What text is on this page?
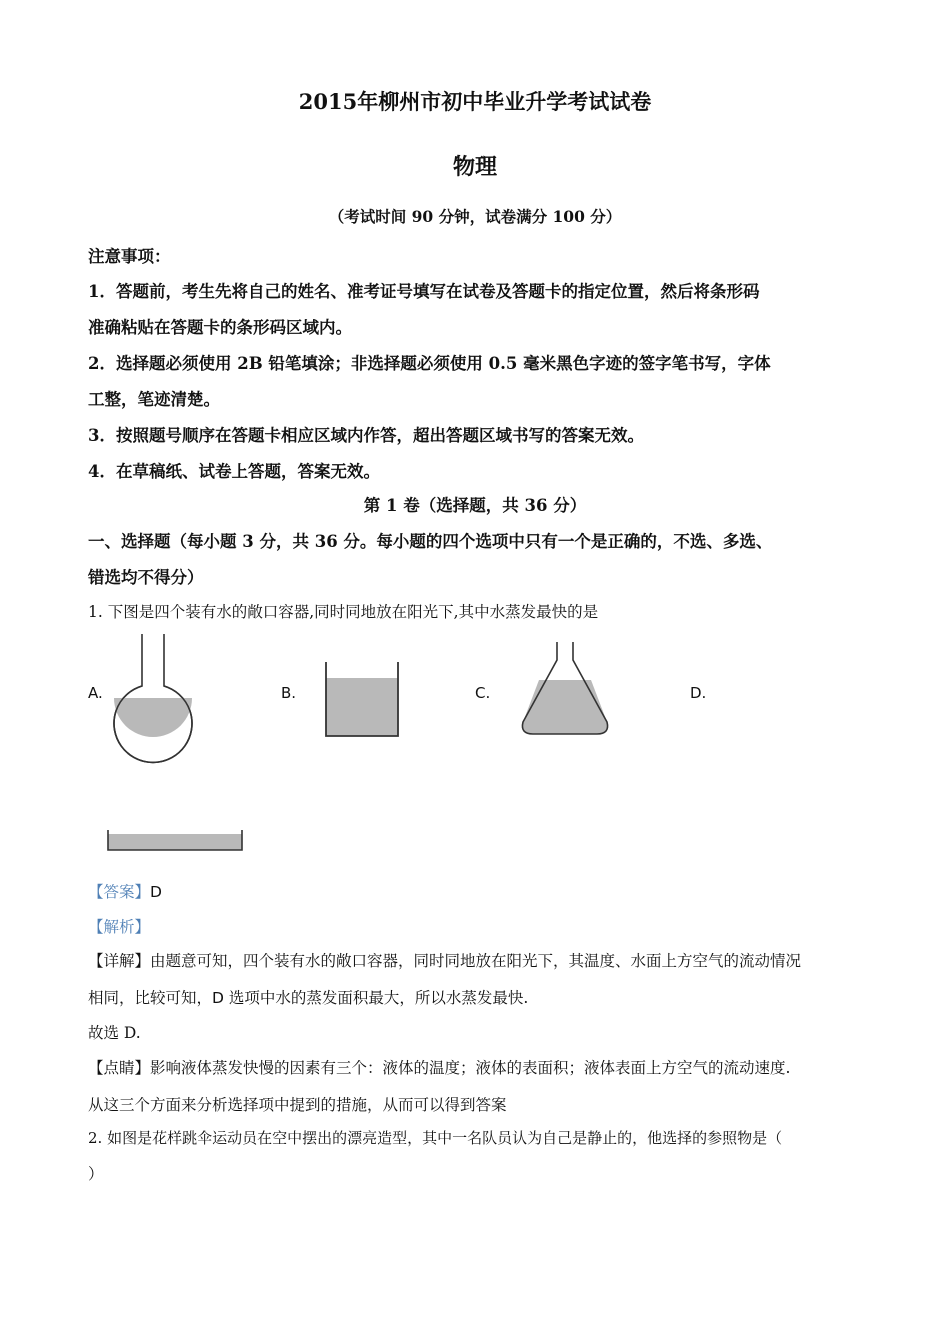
2015年柳州市初中毕业升学考试试卷
物理
（考试时间 90 分钟，试卷满分 100 分）
注意事项：
1．答题前，考生先将自己的姓名、准考证号填写在试卷及答题卡的指定位置，然后将条形码
准确粘贴在答题卡的条形码区域内。
2．选择题必须使用 2B 铅笔填涂；非选择题必须使用 0.5 毫米黑色字迹的签字笔书写，字体
工整，笔迹清楚。
3．按照题号顺序在答题卡相应区域内作答，超出答题区域书写的答案无效。
4．在草稿纸、试卷上答题，答案无效。
第 1 卷（选择题，共 36 分）
一、选择题（每小题 3 分，共 36 分。每小题的四个选项中只有一个是正确的，不选、多选、
错选均不得分）
1. 下图是四个装有水的敞口容器,同时同地放在阳光下,其中水蒸发最快的是
A.	B.	C.	D.
【答案】D
【解析】
【详解】由题意可知，四个装有水的敞口容器，同时同地放在阳光下，其温度、水面上方空气的流动情况
相同，比较可知，D 选项中水的蒸发面积最大，所以水蒸发最快.
故选 D.
【点睛】影响液体蒸发快慢的因素有三个：液体的温度；液体的表面积；液体表面上方空气的流动速度.
从这三个方面来分析选择项中提到的措施，从而可以得到答案
2. 如图是花样跳伞运动员在空中摆出的漂亮造型，其中一名队员认为自己是静止的，他选择的参照物是（
）
